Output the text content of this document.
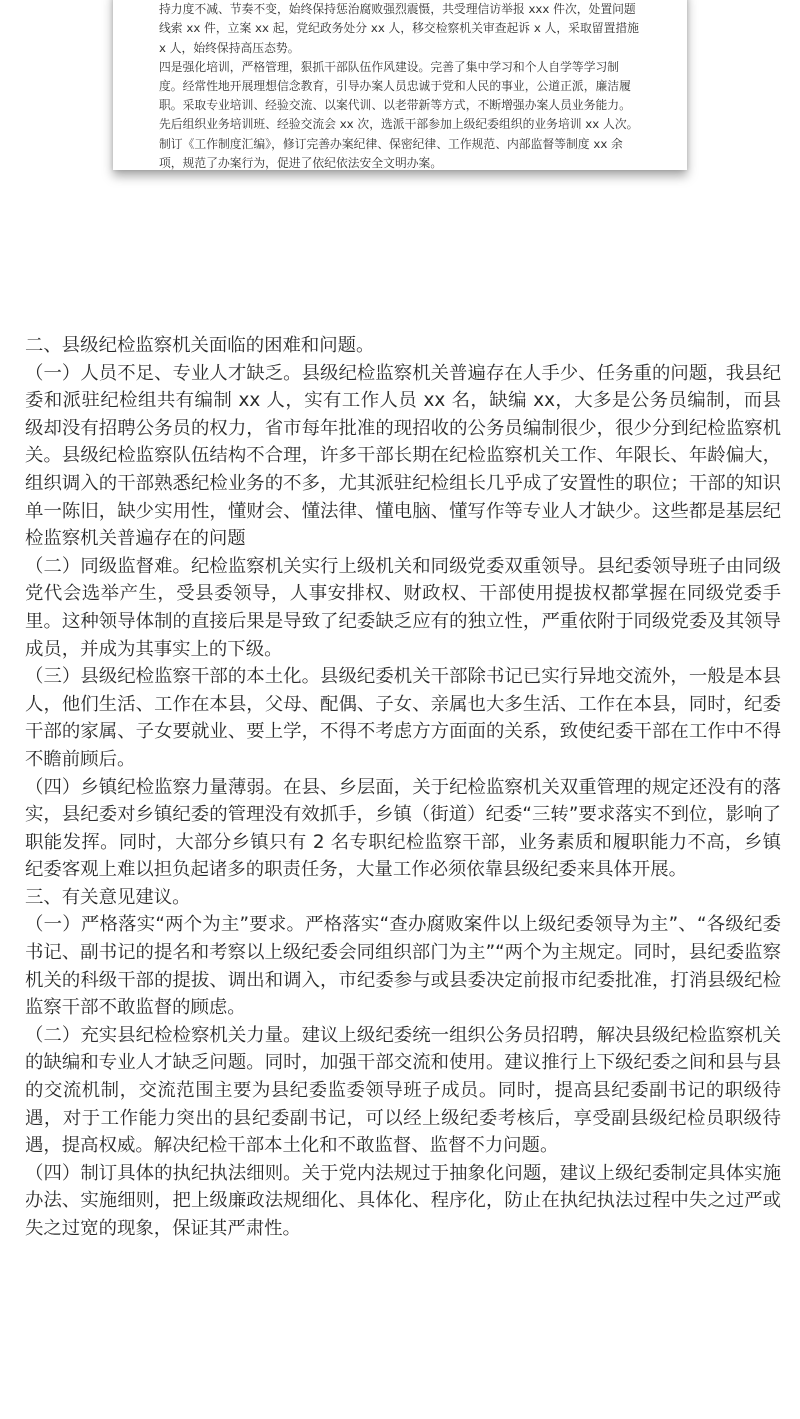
持力度不减、节奏不变，始终保持惩治腐败强烈震慑，共受理信访举报 xxx 件次，处置问题线索 xx 件，立案 xx 起，党纪政务处分 xx 人，移交检察机关审查起诉 x 人，采取留置措施 x 人，始终保持高压态势。

四是强化培训，严格管理，狠抓干部队伍作风建设。完善了集中学习和个人自学等学习制度。经常性地开展理想信念教育，引导办案人员忠诚于党和人民的事业，公道正派，廉洁履职。采取专业培训、经验交流、以案代训、以老带新等方式，不断增强办案人员业务能力。先后组织业务培训班、经验交流会 xx 次，选派干部参加上级纪委组织的业务培训 xx 人次。制订《工作制度汇编》，修订完善办案纪律、保密纪律、工作规范、内部监督等制度 xx 余项，规范了办案行为，促进了依纪依法安全文明办案。

二、县级纪检监察机关面临的困难和问题。

（一）人员不足、专业人才缺乏。县级纪检监察机关普遍存在人手少、任务重的问题，我县纪委和派驻纪检组共有编制 xx 人，实有工作人员 xx 名，缺编 xx，大多是公务员编制，而县级却没有招聘公务员的权力，省市每年批准的现招收的公务员编制很少，很少分到纪检监察机关。县级纪检监察队伍结构不合理，许多干部长期在纪检监察机关工作、年限长、年龄偏大，组织调入的干部熟悉纪检业务的不多，尤其派驻纪检组长几乎成了安置性的职位；干部的知识单一陈旧，缺少实用性，懂财会、懂法律、懂电脑、懂写作等专业人才缺少。这些都是基层纪检监察机关普遍存在的问题

（二）同级监督难。纪检监察机关实行上级机关和同级党委双重领导。县纪委领导班子由同级党代会选举产生，受县委领导，人事安排权、财政权、干部使用提拔权都掌握在同级党委手里。这种领导体制的直接后果是导致了纪委缺乏应有的独立性，严重依附于同级党委及其领导成员，并成为其事实上的下级。

（三）县级纪检监察干部的本土化。县级纪委机关干部除书记已实行异地交流外，一般是本县人，他们生活、工作在本县，父母、配偶、子女、亲属也大多生活、工作在本县，同时，纪委干部的家属、子女要就业、要上学，不得不考虑方方面面的关系，致使纪委干部在工作中不得不瞻前顾后。

（四）乡镇纪检监察力量薄弱。在县、乡层面，关于纪检监察机关双重管理的规定还没有的落实，县纪委对乡镇纪委的管理没有效抓手，乡镇（街道）纪委“三转”要求落实不到位，影响了职能发挥。同时，大部分乡镇只有 2 名专职纪检监察干部，业务素质和履职能力不高，乡镇纪委客观上难以担负起诸多的职责任务，大量工作必须依靠县级纪委来具体开展。

三、有关意见建议。

（一）严格落实“两个为主”要求。严格落实“查办腐败案件以上级纪委领导为主”、“各级纪委书记、副书记的提名和考察以上级纪委会同组织部门为主”“两个为主规定。同时，县纪委监察机关的科级干部的提拔、调出和调入，市纪委参与或县委决定前报市纪委批准，打消县级纪检监察干部不敢监督的顾虑。

（二）充实县纪检检察机关力量。建议上级纪委统一组织公务员招聘，解决县级纪检监察机关的缺编和专业人才缺乏问题。同时，加强干部交流和使用。建议推行上下级纪委之间和县与县的交流机制，交流范围主要为县纪委监委领导班子成员。同时，提高县纪委副书记的职级待遇，对于工作能力突出的县纪委副书记，可以经上级纪委考核后，享受副县级纪检员职级待遇，提高权威。解决纪检干部本土化和不敢监督、监督不力问题。

（四）制订具体的执纪执法细则。关于党内法规过于抽象化问题，建议上级纪委制定具体实施办法、实施细则，把上级廉政法规细化、具体化、程序化，防止在执纪执法过程中失之过严或失之过宽的现象，保证其严肃性。
